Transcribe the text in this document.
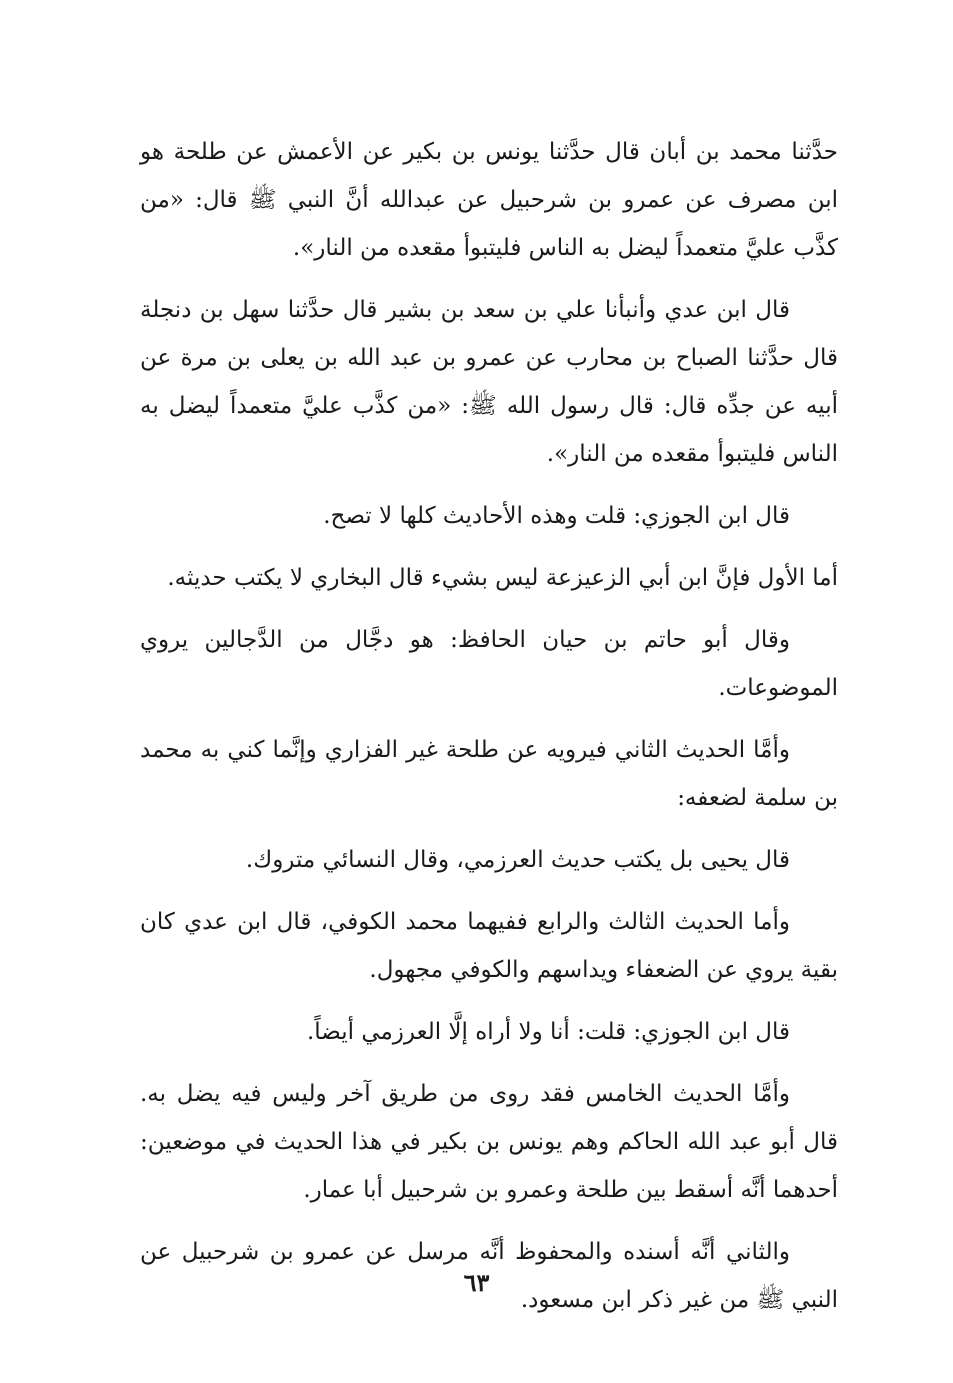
حدَّثنا محمد بن أبان قال حدَّثنا يونس بن بكير عن الأعمش عن طلحة هو ابن مصرف عن عمرو بن شرحبيل عن عبدالله أنَّ النبي ﷺ قال: «من كذَّب عليَّ متعمداً ليضل به الناس فليتبوأ مقعده من النار».

قال ابن عدي وأنبأنا علي بن سعد بن بشير قال حدَّثنا سهل بن دنجلة قال حدَّثنا الصباح بن محارب عن عمرو بن عبد الله بن يعلى بن مرة عن أبيه عن جدِّه قال: قال رسول الله ﷺ: «من كذَّب عليَّ متعمداً ليضل به الناس فليتبوأ مقعده من النار».

قال ابن الجوزي: قلت وهذه الأحاديث كلها لا تصح.

أما الأول فإنَّ ابن أبي الزعيزعة ليس بشيء قال البخاري لا يكتب حديثه.

وقال أبو حاتم بن حيان الحافظ: هو دجَّال من الدَّجالين يروي الموضوعات.

وأمَّا الحديث الثاني فيرويه عن طلحة غير الفزاري وإنَّما كني به محمد بن سلمة لضعفه:

قال يحيى بل يكتب حديث العرزمي، وقال النسائي متروك.

وأما الحديث الثالث والرابع ففيهما محمد الكوفي، قال ابن عدي كان بقية يروي عن الضعفاء ويداسهم والكوفي مجهول.

قال ابن الجوزي: قلت: أنا ولا أراه إلَّا العرزمي أيضاً.

وأمَّا الحديث الخامس فقد روى من طريق آخر وليس فيه يضل به. قال أبو عبد الله الحاكم وهم يونس بن بكير في هذا الحديث في موضعين: أحدهما أنَّه أسقط بين طلحة وعمرو بن شرحبيل أبا عمار.

والثاني أنَّه أسنده والمحفوظ أنَّه مرسل عن عمرو بن شرحبيل عن النبي ﷺ من غير ذكر ابن مسعود.

٦٣
